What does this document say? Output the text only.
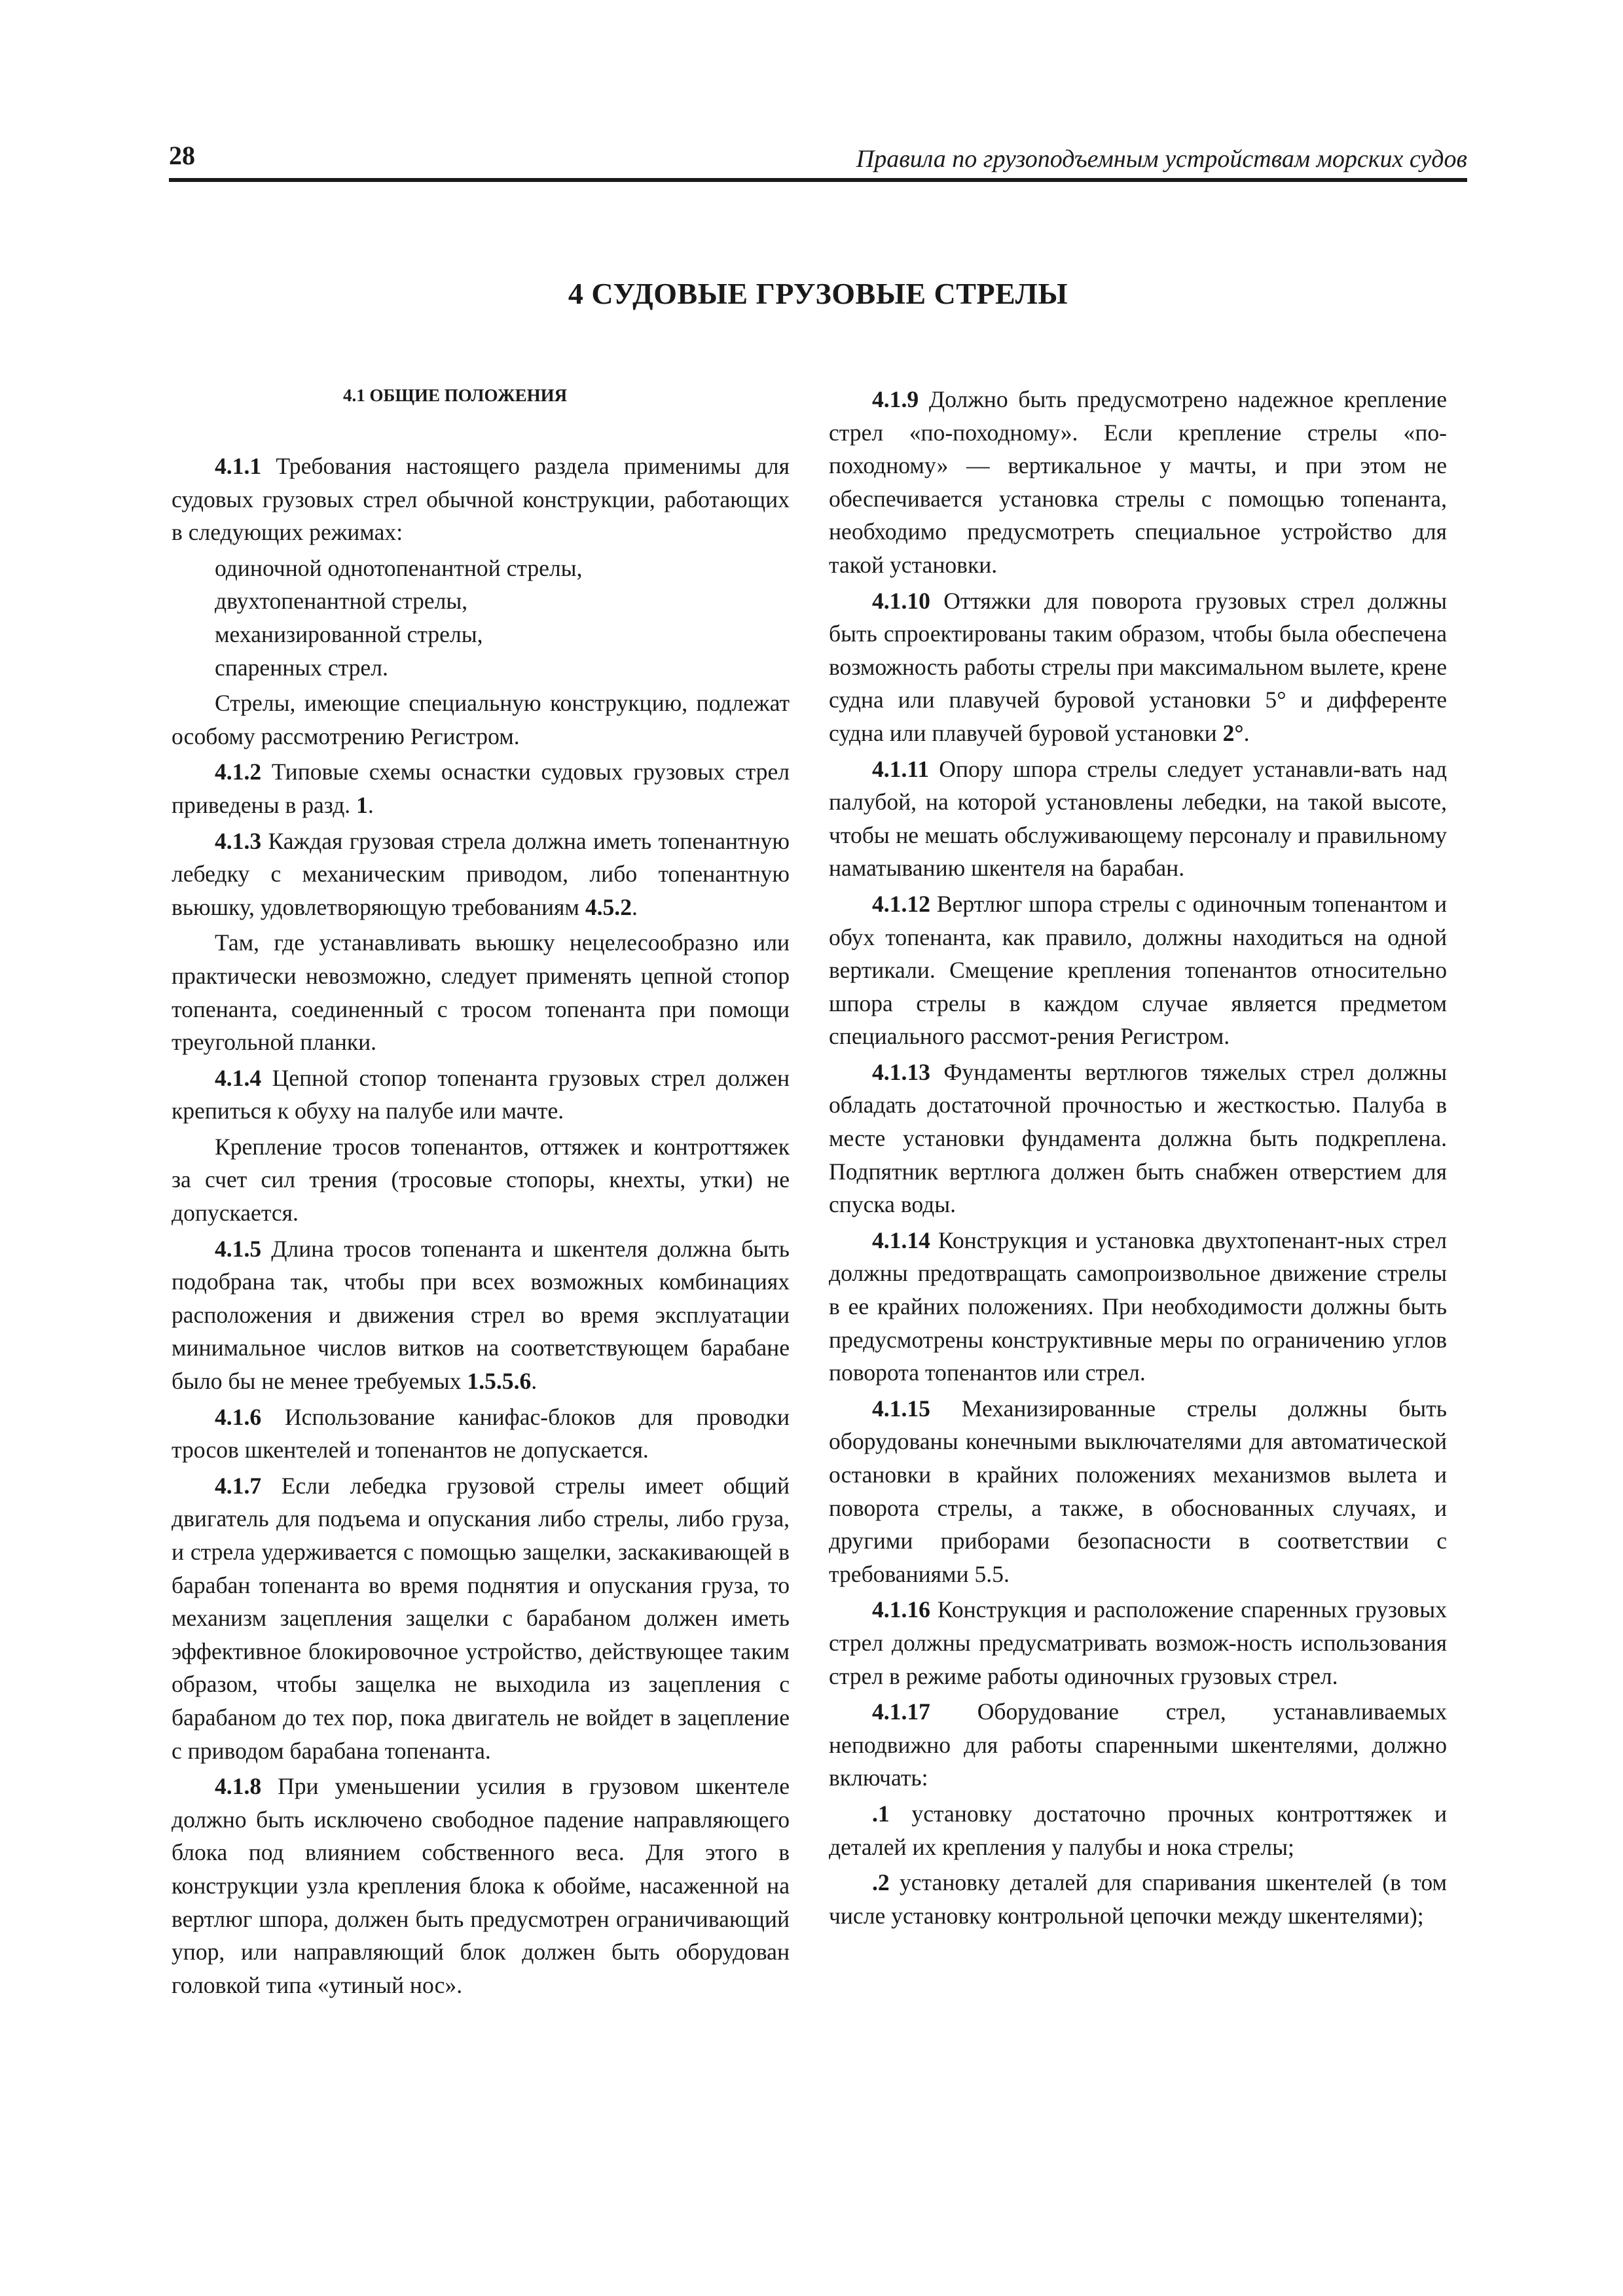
28	Правила по грузоподъемным устройствам морских судов
4 СУДОВЫЕ ГРУЗОВЫЕ СТРЕЛЫ
4.1 ОБЩИЕ ПОЛОЖЕНИЯ

4.1.1 Требования настоящего раздела применимы для судовых грузовых стрел обычной конструкции, работающих в следующих режимах:

одиночной однотопенантной стрелы,

двухтопенантной стрелы,

механизированной стрелы,

спаренных стрел.

Стрелы, имеющие специальную конструкцию, подлежат особому рассмотрению Регистром.

4.1.2 Типовые схемы оснастки судовых грузовых стрел приведены в разд. 1.

4.1.3 Каждая грузовая стрела должна иметь топенантную лебедку с механическим приводом, либо топенантную вьюшку, удовлетворяющую требованиям 4.5.2.

Там, где устанавливать вьюшку нецелесообразно или практически невозможно, следует применять цепной стопор топенанта, соединенный с тросом топенанта при помощи треугольной планки.

4.1.4 Цепной стопор топенанта грузовых стрел должен крепиться к обуху на палубе или мачте.

Крепление тросов топенантов, оттяжек и контроттяжек за счет сил трения (тросовые стопоры, кнехты, утки) не допускается.

4.1.5 Длина тросов топенанта и шкентеля должна быть подобрана так, чтобы при всех возможных комбинациях расположения и движения стрел во время эксплуатации минимальное числов витков на соответствующем барабане было бы не менее требуемых 1.5.5.6.

4.1.6 Использование канифас-блоков для проводки тросов шкентелей и топенантов не допускается.

4.1.7 Если лебедка грузовой стрелы имеет общий двигатель для подъема и опускания либо стрелы, либо груза, и стрела удерживается с помощью защелки, заскакивающей в барабан топенанта во время поднятия и опускания груза, то механизм зацепления защелки с барабаном должен иметь эффективное блокировочное устройство, действующее таким образом, чтобы защелка не выходила из зацепления с барабаном до тех пор, пока двигатель не войдет в зацепление с приводом барабана топенанта.

4.1.8 При уменьшении усилия в грузовом шкентеле должно быть исключено свободное падение направляющего блока под влиянием собственного веса. Для этого в конструкции узла крепления блока к обойме, насаженной на вертлюг шпора, должен быть предусмотрен ограничивающий упор, или направляющий блок должен быть оборудован головкой типа «утиный нос».

4.1.9 Должно быть предусмотрено надежное крепление стрел «по-походному». Если крепление стрелы «по-походному» — вертикальное у мачты, и при этом не обеспечивается установка стрелы с помощью топенанта, необходимо предусмотреть специальное устройство для такой установки.

4.1.10 Оттяжки для поворота грузовых стрел должны быть спроектированы таким образом, чтобы была обеспечена возможность работы стрелы при максимальном вылете, крене судна или плавучей буровой установки 5° и дифференте судна или плавучей буровой установки 2°.

4.1.11 Опору шпора стрелы следует устанавли-вать над палубой, на которой установлены лебедки, на такой высоте, чтобы не мешать обслуживающему персоналу и правильному наматыванию шкентеля на барабан.

4.1.12 Вертлюг шпора стрелы с одиночным топенантом и обух топенанта, как правило, должны находиться на одной вертикали. Смещение крепления топенантов относительно шпора стрелы в каждом случае является предметом специального рассмот-рения Регистром.

4.1.13 Фундаменты вертлюгов тяжелых стрел должны обладать достаточной прочностью и жесткостью. Палуба в месте установки фундамента должна быть подкреплена. Подпятник вертлюга должен быть снабжен отверстием для спуска воды.

4.1.14 Конструкция и установка двухтопенант-ных стрел должны предотвращать самопроизвольное движение стрелы в ее крайних положениях. При необходимости должны быть предусмотрены конструктивные меры по ограничению углов поворота топенантов или стрел.

4.1.15 Механизированные стрелы должны быть оборудованы конечными выключателями для автоматической остановки в крайних положениях механизмов вылета и поворота стрелы, а также, в обоснованных случаях, и другими приборами безопасности в соответствии с требованиями 5.5.

4.1.16 Конструкция и расположение спаренных грузовых стрел должны предусматривать возмож-ность использования стрел в режиме работы одиночных грузовых стрел.

4.1.17 Оборудование стрел, устанавливаемых неподвижно для работы спаренными шкентелями, должно включать:

.1 установку достаточно прочных контроттяжек и деталей их крепления у палубы и нока стрелы;

.2 установку деталей для спаривания шкентелей (в том числе установку контрольной цепочки между шкентелями);
